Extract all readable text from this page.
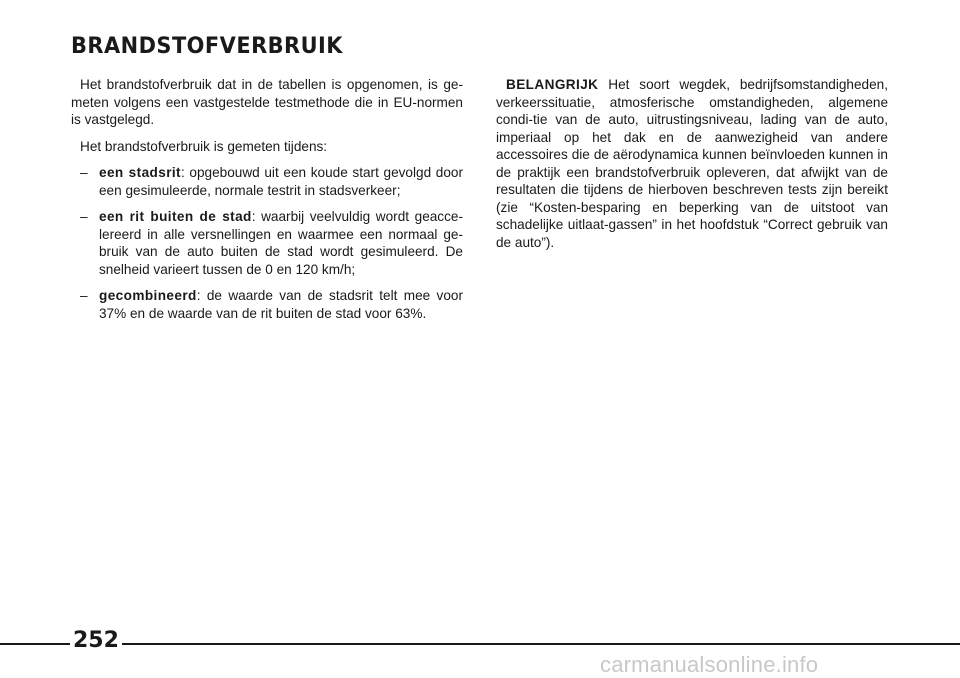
BRANDSTOFVERBRUIK

Het brandstofverbruik dat in de tabellen is opgenomen, is ge-meten volgens een vastgestelde testmethode die in EU-normen is vastgelegd.

Het brandstofverbruik is gemeten tijdens:

– een stadsrit: opgebouwd uit een koude start gevolgd door een gesimuleerde, normale testrit in stadsverkeer;
– een rit buiten de stad: waarbij veelvuldig wordt geacce-lereerd in alle versnellingen en waarmee een normaal ge-bruik van de auto buiten de stad wordt gesimuleerd. De snelheid varieert tussen de 0 en 120 km/h;
– gecombineerd: de waarde van de stadsrit telt mee voor 37% en de waarde van de rit buiten de stad voor 63%.

BELANGRIJK Het soort wegdek, bedrijfsomstandigheden, verkeerssituatie, atmosferische omstandigheden, algemene condi-tie van de auto, uitrustingsniveau, lading van de auto, imperiaal op het dak en de aanwezigheid van andere accessoires die de aërodynamica kunnen beïnvloeden kunnen in de praktijk een brandstofverbruik opleveren, dat afwijkt van de resultaten die tijdens de hierboven beschreven tests zijn bereikt (zie “Kosten-besparing en beperking van de uitstoot van schadelijke uitlaat-gassen” in het hoofdstuk “Correct gebruik van de auto”).

252
carmanualsonline.info
